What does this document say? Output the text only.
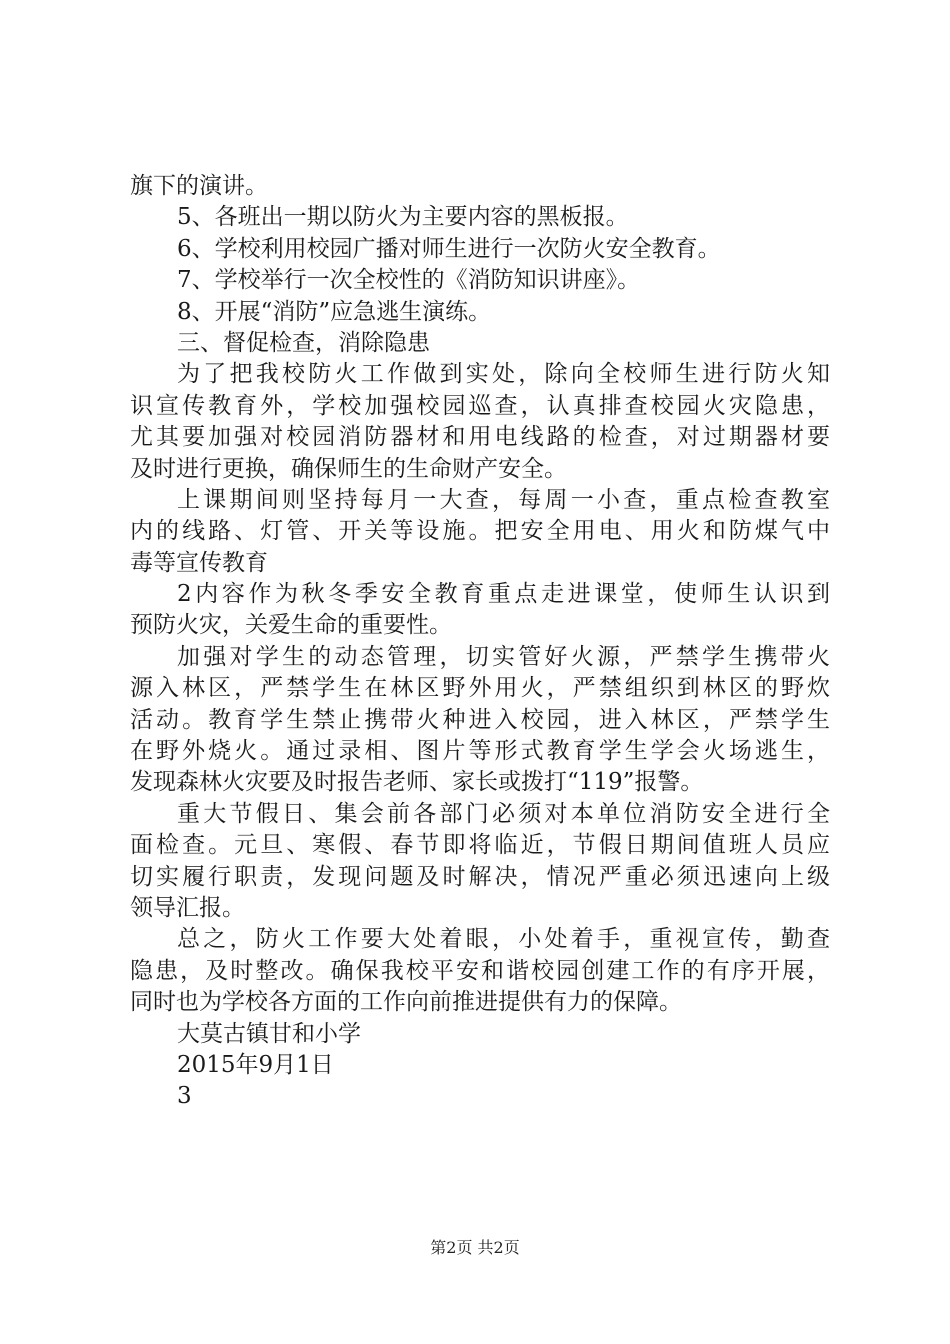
旗下的演讲。
5、各班出一期以防火为主要内容的黑板报。
6、学校利用校园广播对师生进行一次防火安全教育。
7、学校举行一次全校性的《消防知识讲座》。
8、开展“消防”应急逃生演练。
三、督促检查，消除隐患
为了把我校防火工作做到实处，除向全校师生进行防火知
识宣传教育外，学校加强校园巡查，认真排查校园火灾隐患，
尤其要加强对校园消防器材和用电线路的检查，对过期器材要
及时进行更换，确保师生的生命财产安全。
上课期间则坚持每月一大查，每周一小查，重点检查教室
内的线路、灯管、开关等设施。把安全用电、用火和防煤气中
毒等宣传教育
2内容作为秋冬季安全教育重点走进课堂，使师生认识到
预防火灾，关爱生命的重要性。
加强对学生的动态管理，切实管好火源，严禁学生携带火
源入林区，严禁学生在林区野外用火，严禁组织到林区的野炊
活动。教育学生禁止携带火种进入校园，进入林区，严禁学生
在野外烧火。通过录相、图片等形式教育学生学会火场逃生，
发现森林火灾要及时报告老师、家长或拨打“119”报警。
重大节假日、集会前各部门必须对本单位消防安全进行全
面检查。元旦、寒假、春节即将临近，节假日期间值班人员应
切实履行职责，发现问题及时解决，情况严重必须迅速向上级
领导汇报。
总之，防火工作要大处着眼，小处着手，重视宣传，勤查
隐患，及时整改。确保我校平安和谐校园创建工作的有序开展，
同时也为学校各方面的工作向前推进提供有力的保障。
大莫古镇甘和小学
2015年9月1日
3
第2页 共2页
